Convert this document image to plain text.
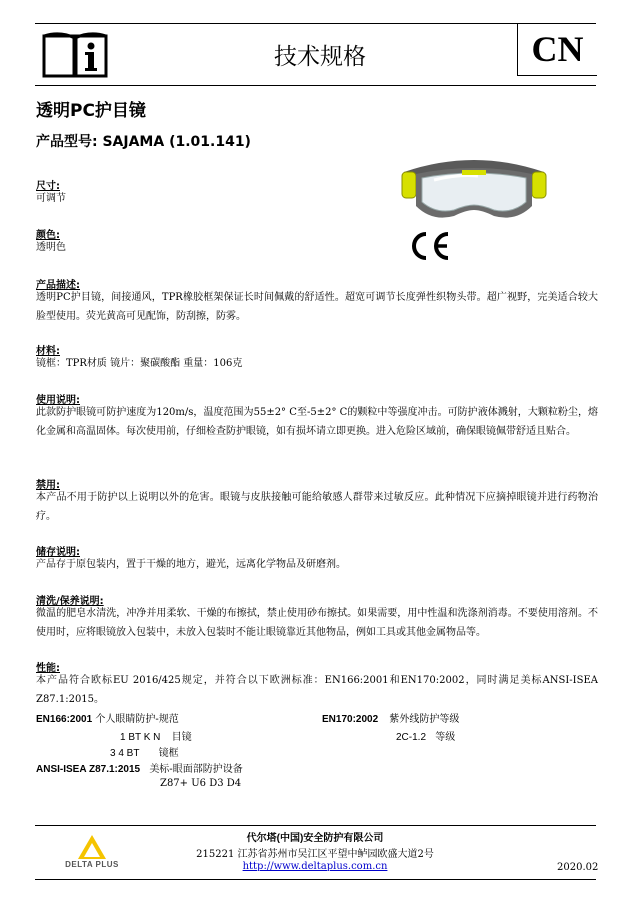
技术规格	CN
透明PC护目镜
产品型号: SAJAMA (1.01.141)
尺寸:
可调节
颜色:
透明色
产品描述:
透明PC护目镜，间接通风，TPR橡胶框架保证长时间佩戴的舒适性。超宽可调节长度弹性织物头带。超广视野，完美适合较大脸型使用。荧光黄高可见配饰，防刮擦，防雾。
材料:
镜框：TPR材质 镜片：聚碳酸酯 重量：106克
使用说明:
此款防护眼镜可防护速度为120m/s，温度范围为55±2° C至-5±2° C的颗粒中等强度冲击。可防护液体溅射，大颗粒粉尘，熔化金属和高温固体。每次使用前，仔细检查防护眼镜，如有损坏请立即更换。进入危险区域前，确保眼镜佩带舒适且贴合。
禁用:
本产品不用于防护以上说明以外的危害。眼镜与皮肤接触可能给敏感人群带来过敏反应。此种情况下应摘掉眼镜并进行药物治疗。
储存说明:
产品存于原包装内，置于干燥的地方，避光，远离化学物品及研磨剂。
清洗/保养说明:
微温的肥皂水清洗，冲净并用柔软、干燥的布擦拭，禁止使用砂布擦拭。如果需要，用中性温和洗涤剂消毒。不要使用溶剂。不使用时，应将眼镜放入包装中，未放入包装时不能让眼镜靠近其他物品，例如工具或其他金属物品等。
性能:
本产品符合欧标EU 2016/425规定，并符合以下欧洲标准：EN166:2001和EN170:2002，同时满足美标ANSI-ISEA Z87.1:2015。
EN166:2001 个人眼睛防护-规范
1 BT K N 目镜
3 4 BT 镜框
EN170:2002 紫外线防护等级
2C-1.2 等级
ANSI-ISEA Z87.1:2015 美标-眼面部防护设备
Z87+ U6 D3 D4
DELTA PLUS
代尔塔(中国)安全防护有限公司
215221 江苏省苏州市吴江区平望中鲈园欧盛大道2号
http://www.deltaplus.com.cn	2020.02
